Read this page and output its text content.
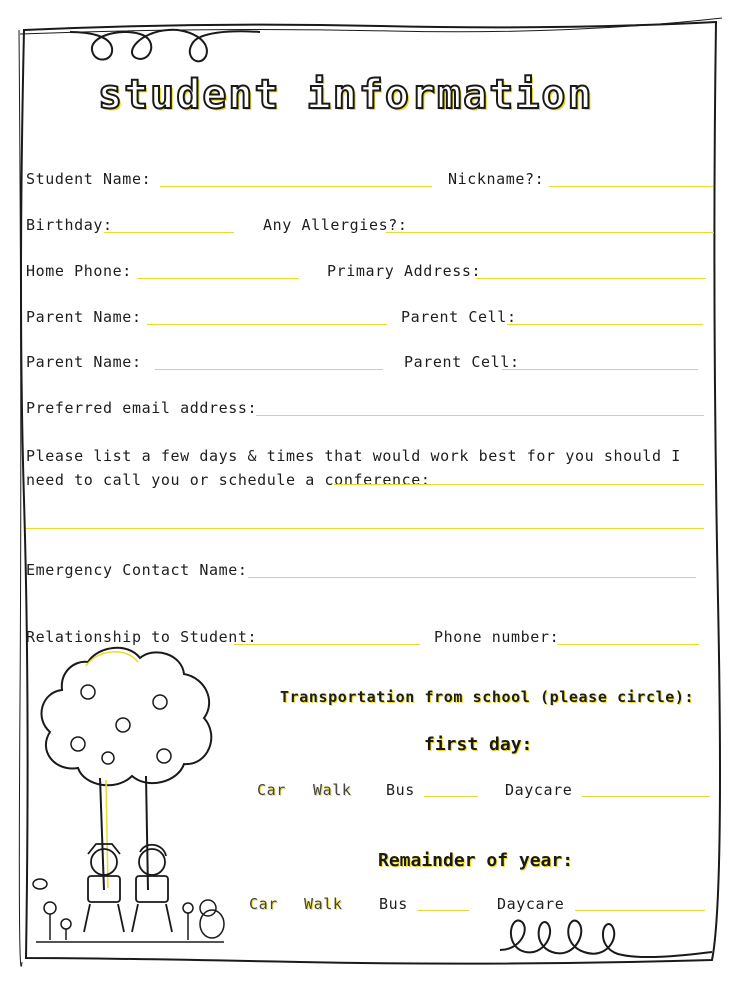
student information
Student Name:	Nickname?:
Birthday:	Any Allergies?:
Home Phone:	Primary Address:
Parent Name:	Parent Cell:
Parent Name:	Parent Cell:
Preferred email address:
Please list a few days & times that would work best for you should I need to call you or schedule a conference:
Emergency Contact Name:
Relationship to Student:	Phone number:
Transportation from school (please circle):
first day:
Car Walk Bus	Daycare
Remainder of year:
Car Walk Bus	Daycare
